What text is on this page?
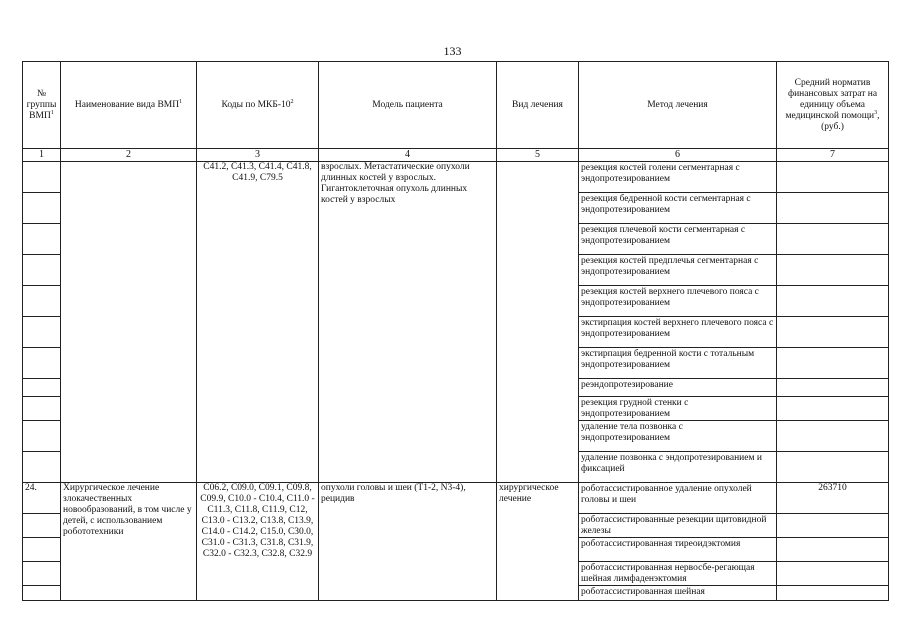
133
№ группы ВМП$^1$	Наименование вида ВМП$^1$	Коды по МКБ-$10^2$	Модель пациента	Вид лечения	Метод лечения	Средний норматив финансовых затрат на единицу объема медицинской помощи$^3$, (руб.)
1	2	3	4	5	6	7
		C41.2, C41.3, C41.4, C41.8, C41.9, C79.5	взрослых. Метастатические опухоли длинных костей у взрослых. Гигантоклеточная опухоль длинных костей у взрослых		резекция костей голени сегментарная с эндопротезированием	

					резекция бедренной кости сегментарная с эндопротезированием	

					резекция плечевой кости сегментарная с эндопротезированием	

					резекция костей предплечья сегментарная с эндопротезированием	

					резекция костей верхнего плечевого пояса с эндопротезированием	

					экстирпация костей верхнего плечевого пояса с эндопротезированием	

					экстирпация бедренной кости с тотальным эндопротезированием	

					реэндопротезирование	

					резекция грудной стенки с эндопротезированием	

					удаление тела позвонка с эндопротезированием	

					удаление позвонка с эндопротезированием и фиксацией	

24.	Хирургическое лечение злокачественных новообразований, в том числе у детей, с использованием робототехники	C06.2, C09.0, C09.1, C09.8, C09.9, C10.0 - C10.4, C11.0 - C11.3, C11.8, C11.9, C12, C13.0 - C13.2, C13.8, C13.9, C14.0 - C14.2, C15.0, C30.0, C31.0 - C31.3, C31.8, C31.9, C32.0 - C32.3, C32.8, C32.9	опухоли головы и шеи (T1-2, N3-4), рецидив	хирургическое лечение	роботассистированное удаление опухолей головы и шеи	263710

					роботассистированные резекции щитовидной железы	

					роботассистированная тиреоидэктомия	

					роботассистированная нервосбе-регающая шейная лимфаденэктомия	

					роботассистированная шейная	
